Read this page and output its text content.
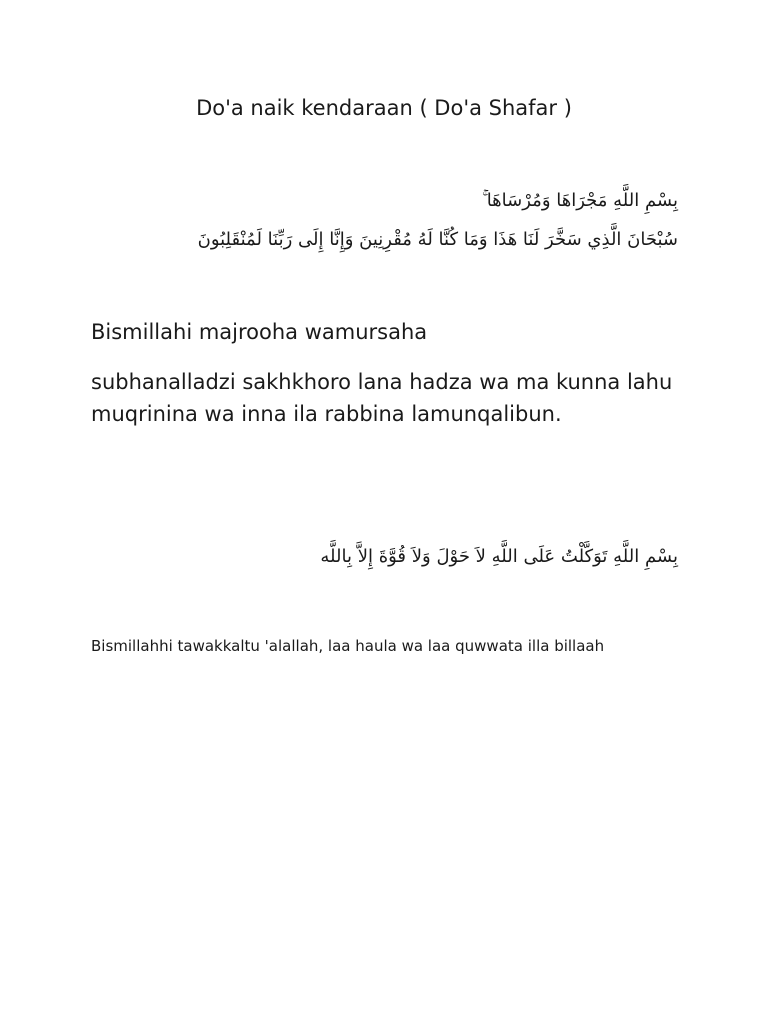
Do'a naik kendaraan ( Do'a Shafar )
بِسْمِ اللَّهِ مَجْرَاهَا وَمُرْسَاهَا ۚ
سُبْحَانَ الَّذِي سَخَّرَ لَنَا هَذَا وَمَا كُنَّا لَهُ مُقْرِنِينَ وَإِنَّا إِلَى رَبِّنَا لَمُنْقَلِبُونَ

Bismillahi majrooha wamursaha

subhanalladzi sakhkhoro lana hadza wa ma kunna lahu muqrinina wa inna ila rabbina lamunqalibun.

بِسْمِ اللَّهِ تَوَكَّلْتُ عَلَى اللَّهِ لاَ حَوْلَ وَلاَ قُوَّةَ إِلاَّ بِاللَّه

Bismillahhi tawakkaltu 'alallah, laa haula wa laa quwwata illa billaah
